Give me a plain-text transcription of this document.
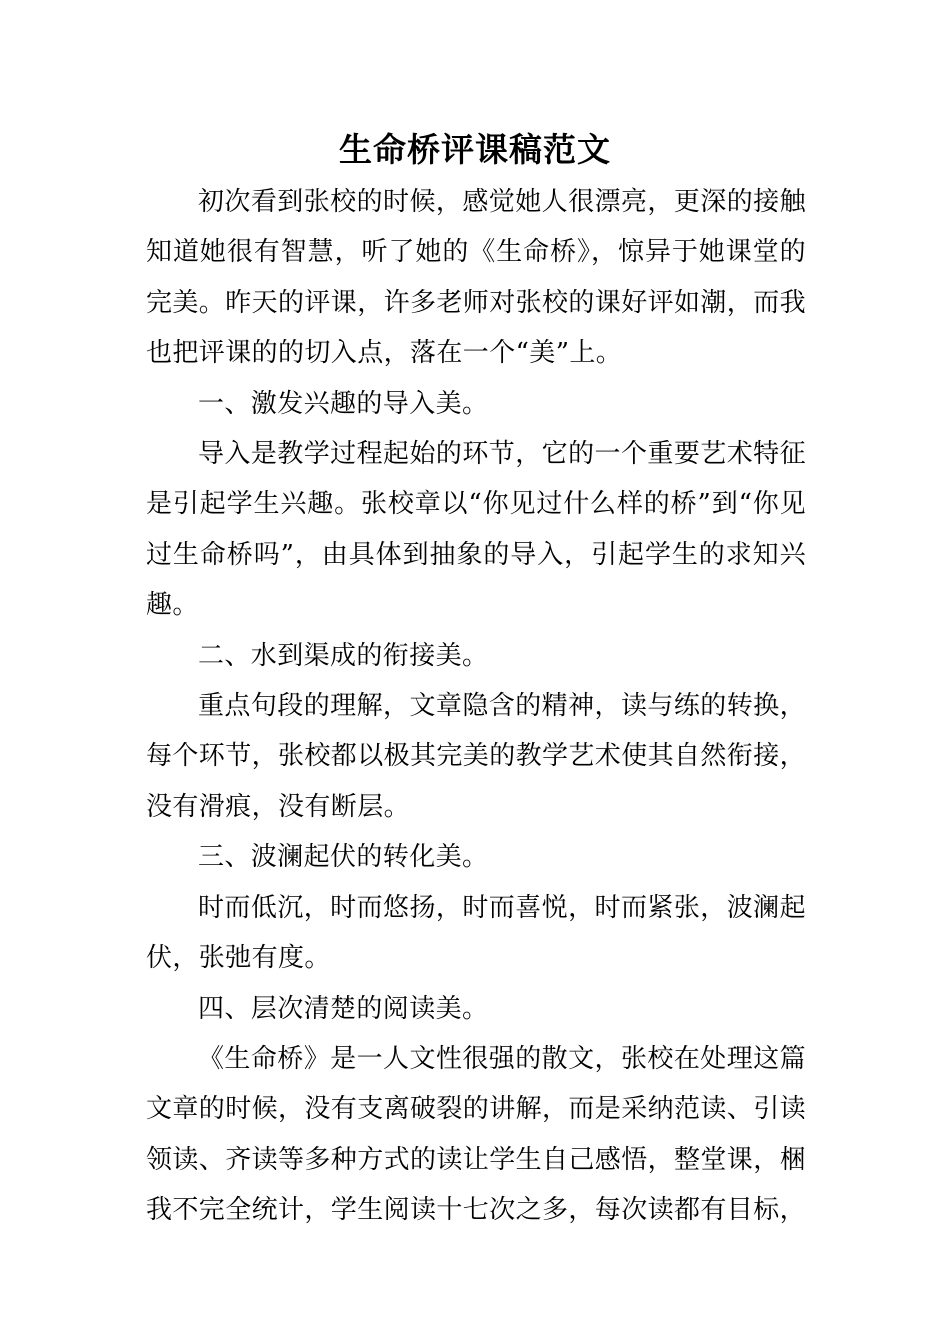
生命桥评课稿范文

初次看到张校的时候，感觉她人很漂亮，更深的接触知道她很有智慧，听了她的《生命桥》，惊异于她课堂的完美。昨天的评课，许多老师对张校的课好评如潮，而我也把评课的的切入点，落在一个“美”上。

一、激发兴趣的导入美。

导入是教学过程起始的环节，它的一个重要艺术特征是引起学生兴趣。张校章以“你见过什么样的桥”到“你见过生命桥吗”，由具体到抽象的导入，引起学生的求知兴趣。

二、水到渠成的衔接美。

重点句段的理解，文章隐含的精神，读与练的转换，每个环节，张校都以极其完美的教学艺术使其自然衔接，没有滑痕，没有断层。

三、波澜起伏的转化美。

时而低沉，时而悠扬，时而喜悦，时而紧张，波澜起伏，张弛有度。

四、层次清楚的阅读美。

《生命桥》是一人文性很强的散文，张校在处理这篇文章的时候，没有支离破裂的讲解，而是采纳范读、引读领读、齐读等多种方式的读让学生自己感悟，整堂课，梱我不完全统计，学生阅读十七次之多，每次读都有目标，
